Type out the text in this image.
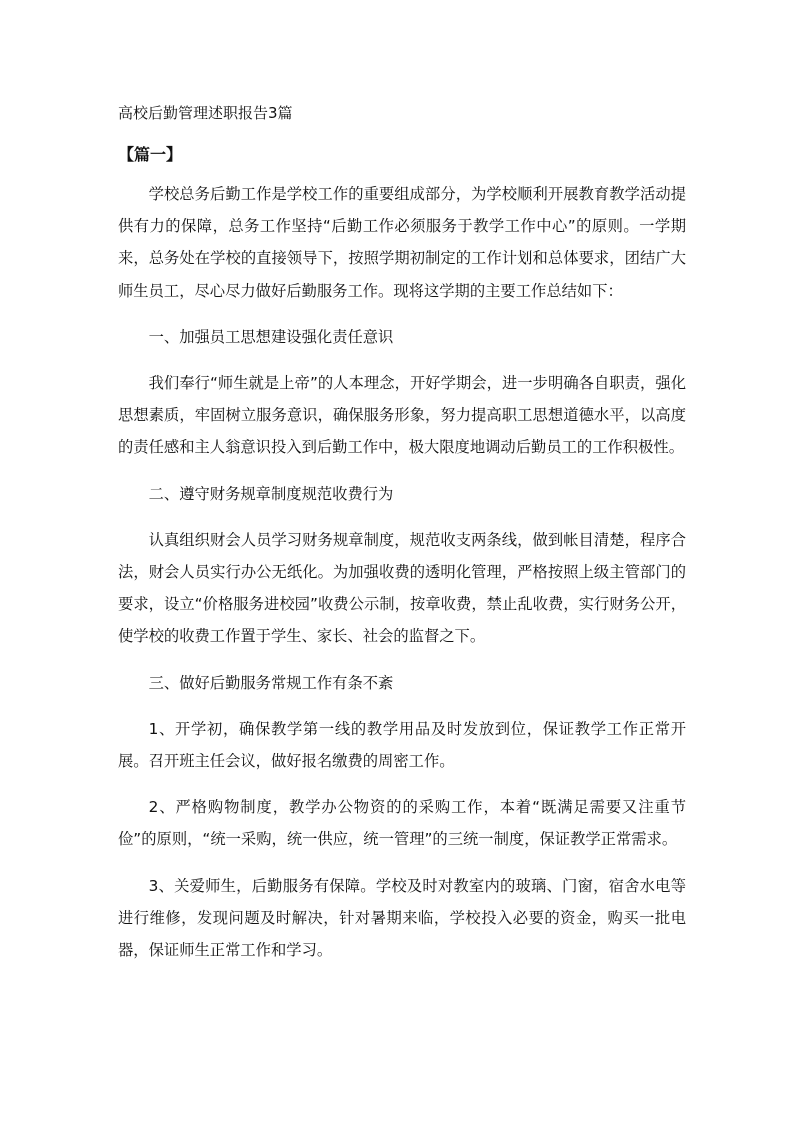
高校后勤管理述职报告3篇
【篇一】

学校总务后勤工作是学校工作的重要组成部分，为学校顺利开展教育教学活动提供有力的保障，总务工作坚持“后勤工作必须服务于教学工作中心”的原则。一学期来，总务处在学校的直接领导下，按照学期初制定的工作计划和总体要求，团结广大师生员工，尽心尽力做好后勤服务工作。现将这学期的主要工作总结如下：

一、加强员工思想建设强化责任意识

我们奉行“师生就是上帝”的人本理念，开好学期会，进一步明确各自职责，强化思想素质，牢固树立服务意识，确保服务形象，努力提高职工思想道德水平，以高度的责任感和主人翁意识投入到后勤工作中，极大限度地调动后勤员工的工作积极性。

二、遵守财务规章制度规范收费行为

认真组织财会人员学习财务规章制度，规范收支两条线，做到帐目清楚，程序合法，财会人员实行办公无纸化。为加强收费的透明化管理，严格按照上级主管部门的要求，设立“价格服务进校园”收费公示制，按章收费，禁止乱收费，实行财务公开，使学校的收费工作置于学生、家长、社会的监督之下。

三、做好后勤服务常规工作有条不紊

1、开学初，确保教学第一线的教学用品及时发放到位，保证教学工作正常开展。召开班主任会议，做好报名缴费的周密工作。

2、严格购物制度，教学办公物资的的采购工作，本着“既满足需要又注重节俭”的原则，“统一采购，统一供应，统一管理”的三统一制度，保证教学正常需求。

3、关爱师生，后勤服务有保障。学校及时对教室内的玻璃、门窗，宿舍水电等进行维修，发现问题及时解决，针对暑期来临，学校投入必要的资金，购买一批电器，保证师生正常工作和学习。
